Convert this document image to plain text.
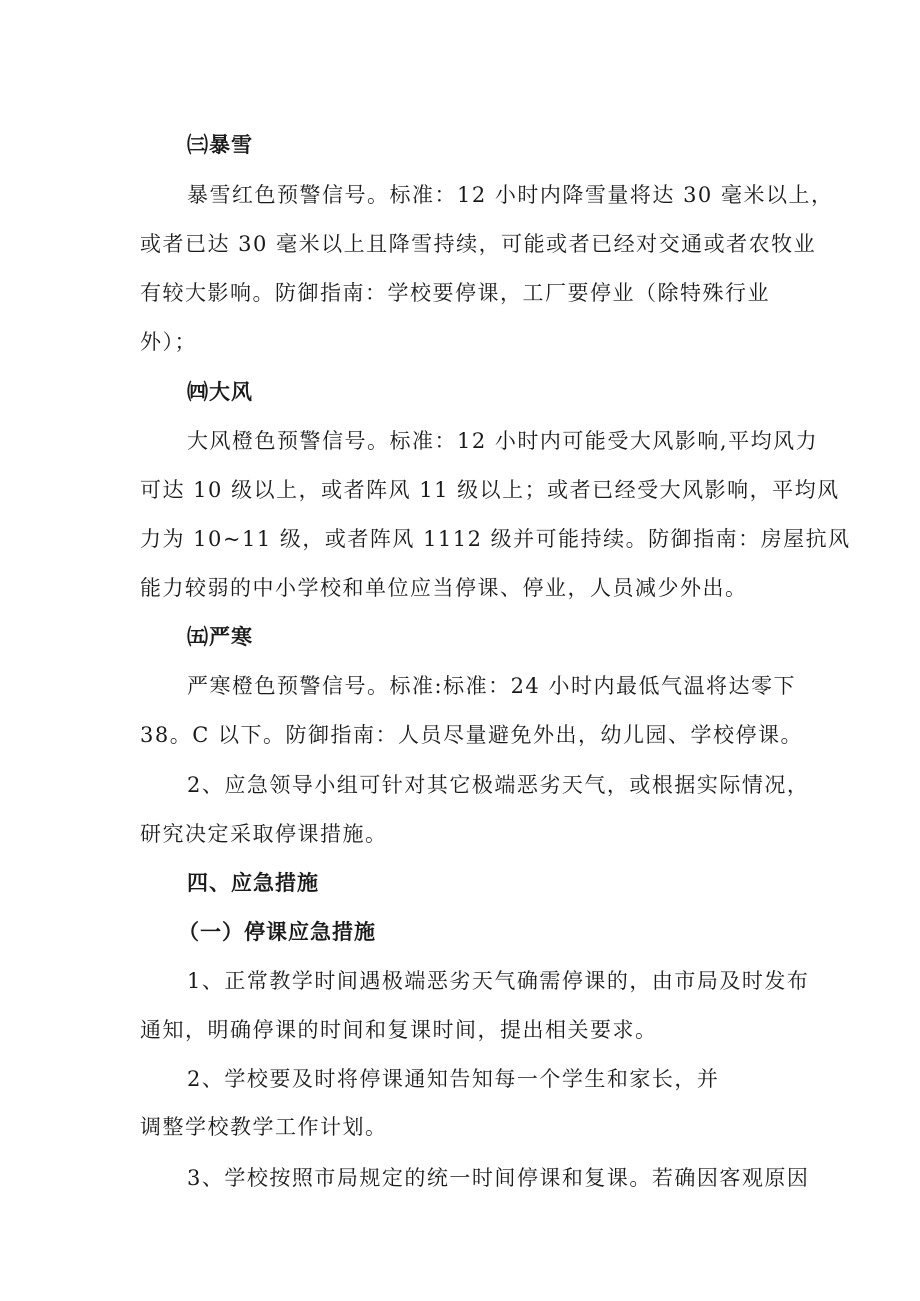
㈢暴雪
暴雪红色预警信号。标准：12 小时内降雪量将达 30 毫米以上，
或者已达 30 毫米以上且降雪持续，可能或者已经对交通或者农牧业
有较大影响。防御指南：学校要停课，工厂要停业（除特殊行业
外）；
㈣大风
大风橙色预警信号。标准：12 小时内可能受大风影响,平均风力
可达 10 级以上，或者阵风 11 级以上；或者已经受大风影响，平均风
力为 10~11 级，或者阵风 1112 级并可能持续。防御指南：房屋抗风
能力较弱的中小学校和单位应当停课、停业，人员减少外出。
㈤严寒
严寒橙色预警信号。标准:标准：24 小时内最低气温将达零下
38。C 以下。防御指南：人员尽量避免外出，幼儿园、学校停课。
2、应急领导小组可针对其它极端恶劣天气，或根据实际情况，
研究决定采取停课措施。
四、应急措施
（一）停课应急措施
1、正常教学时间遇极端恶劣天气确需停课的，由市局及时发布
通知，明确停课的时间和复课时间，提出相关要求。
2、学校要及时将停课通知告知每一个学生和家长，并
调整学校教学工作计划。
3、学校按照市局规定的统一时间停课和复课。若确因客观原因
